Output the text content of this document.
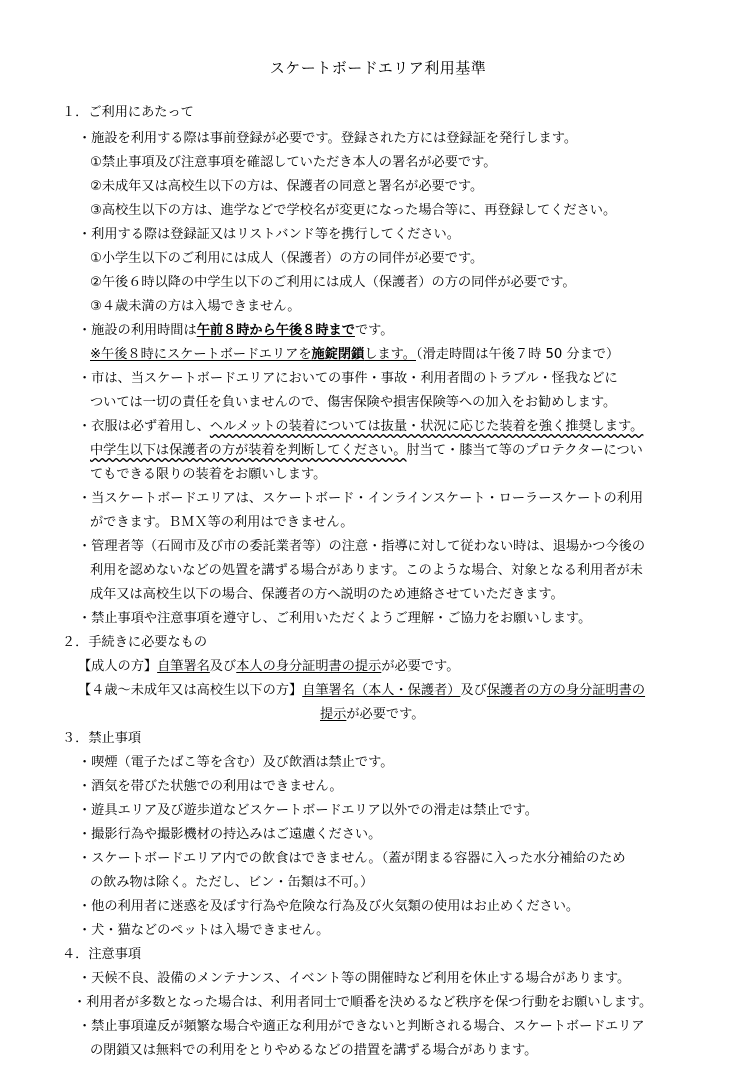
スケートボードエリア利用基準
１．ご利用にあたって
・施設を利用する際は事前登録が必要です。登録された方には登録証を発行します。
①禁止事項及び注意事項を確認していただき本人の署名が必要です。
②未成年又は高校生以下の方は、保護者の同意と署名が必要です。
③高校生以下の方は、進学などで学校名が変更になった場合等に、再登録してください。
・利用する際は登録証又はリストバンド等を携行してください。
①小学生以下のご利用には成人（保護者）の方の同伴が必要です。
②午後６時以降の中学生以下のご利用には成人（保護者）の方の同伴が必要です。
③４歳未満の方は入場できません。
・施設の利用時間は午前８時から午後８時までです。
※午後８時にスケートボードエリアを施錠閉鎖します。（滑走時間は午後７時 50 分まで）
・市は、当スケートボードエリアにおいての事件・事故・利用者間のトラブル・怪我などに
ついては一切の責任を負いませんので、傷害保険や損害保険等への加入をお勧めします。
・衣服は必ず着用し、ヘルメットの装着については抜量・状況に応じた装着を強く推奨します。
中学生以下は保護者の方が装着を判断してください。肘当て・膝当て等のプロテクターについ
てもできる限りの装着をお願いします。
・当スケートボードエリアは、スケートボード・インラインスケート・ローラースケートの利用
ができます。ＢＭＸ等の利用はできません。
・管理者等（石岡市及び市の委託業者等）の注意・指導に対して従わない時は、退場かつ今後の
利用を認めないなどの処置を講ずる場合があります。このような場合、対象となる利用者が未
成年又は高校生以下の場合、保護者の方へ説明のため連絡させていただきます。
・禁止事項や注意事項を遵守し、ご利用いただくようご理解・ご協力をお願いします。
２．手続きに必要なもの
【成人の方】自筆署名及び本人の身分証明書の提示が必要です。
【４歳～未成年又は高校生以下の方】自筆署名（本人・保護者）及び保護者の方の身分証明書の
提示が必要です。
３．禁止事項
・喫煙（電子たばこ等を含む）及び飲酒は禁止です。
・酒気を帯びた状態での利用はできません。
・遊具エリア及び遊歩道などスケートボードエリア以外での滑走は禁止です。
・撮影行為や撮影機材の持込みはご遠慮ください。
・スケートボードエリア内での飲食はできません。（蓋が閉まる容器に入った水分補給のため
の飲み物は除く。ただし、ビン・缶類は不可。）
・他の利用者に迷惑を及ぼす行為や危険な行為及び火気類の使用はお止めください。
・犬・猫などのペットは入場できません。
４．注意事項
・天候不良、設備のメンテナンス、イベント等の開催時など利用を休止する場合があります。
・利用者が多数となった場合は、利用者同士で順番を決めるなど秩序を保つ行動をお願いします。
・禁止事項違反が頻繁な場合や適正な利用ができないと判断される場合、スケートボードエリア
の閉鎖又は無料での利用をとりやめるなどの措置を講ずる場合があります。
